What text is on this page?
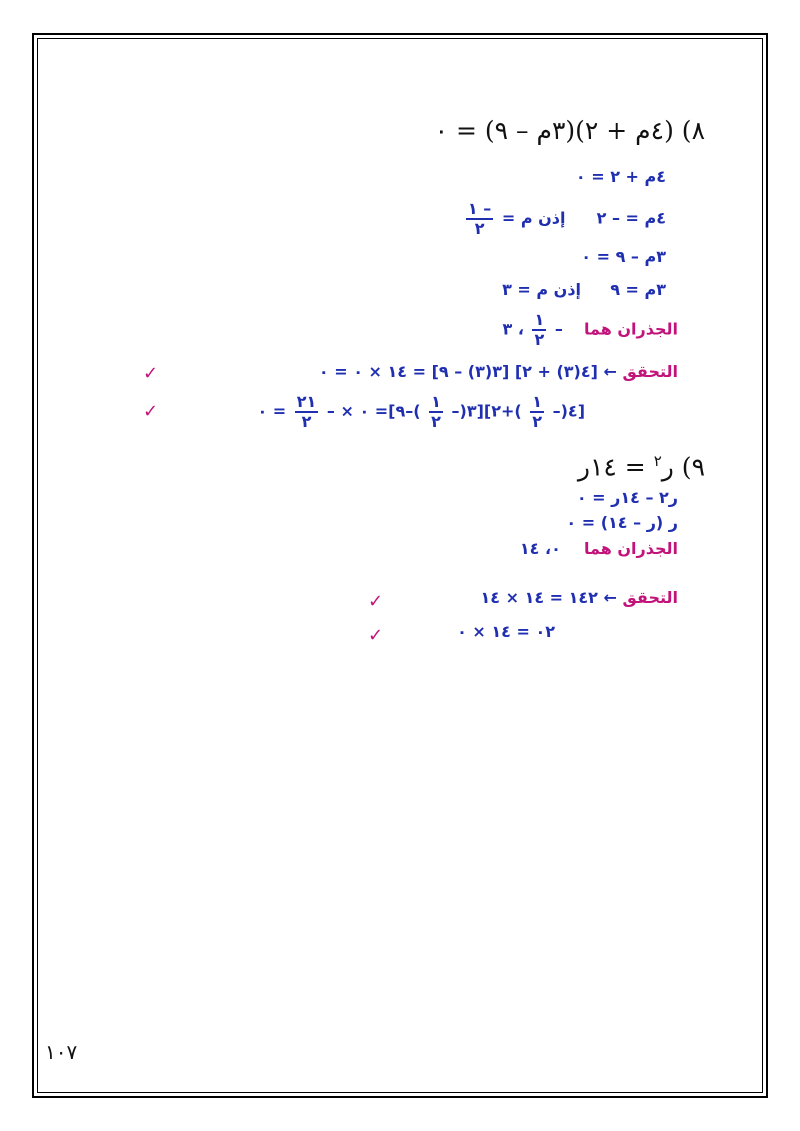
٨) (٤م + ٢)(٣م – ٩) = ٠
٤م + ٢ = ٠
٤م = – ٢  إذن م =
$\frac{- ١}{٢}$
٣م – ٩ = ٠
٣م = ٩  إذن م = ٣
الجذران هما  –
$\frac{١}{٢}$
، ٣
التحقق ← [٤(٣) + ٢] [٣(٣) – ٩] = ١٤ × ٠ = ٠
✓
[٤(–
$\frac{١}{٢}$
)+٢][٣(–
$\frac{١}{٢}$
)–٩]= ٠ × –
$\frac{٢١}{٢}$
= ٠
✓
٩) ر$^٢$ = ١٤ر
ر٢ – ١٤ر = ٠
ر (ر – ١٤) = ٠
الجذران هما  ٠، ١٤
التحقق ← ١٤٢ = ١٤ × ١٤
✓
٠٢ = ١٤ × ٠
✓
١٠٧
